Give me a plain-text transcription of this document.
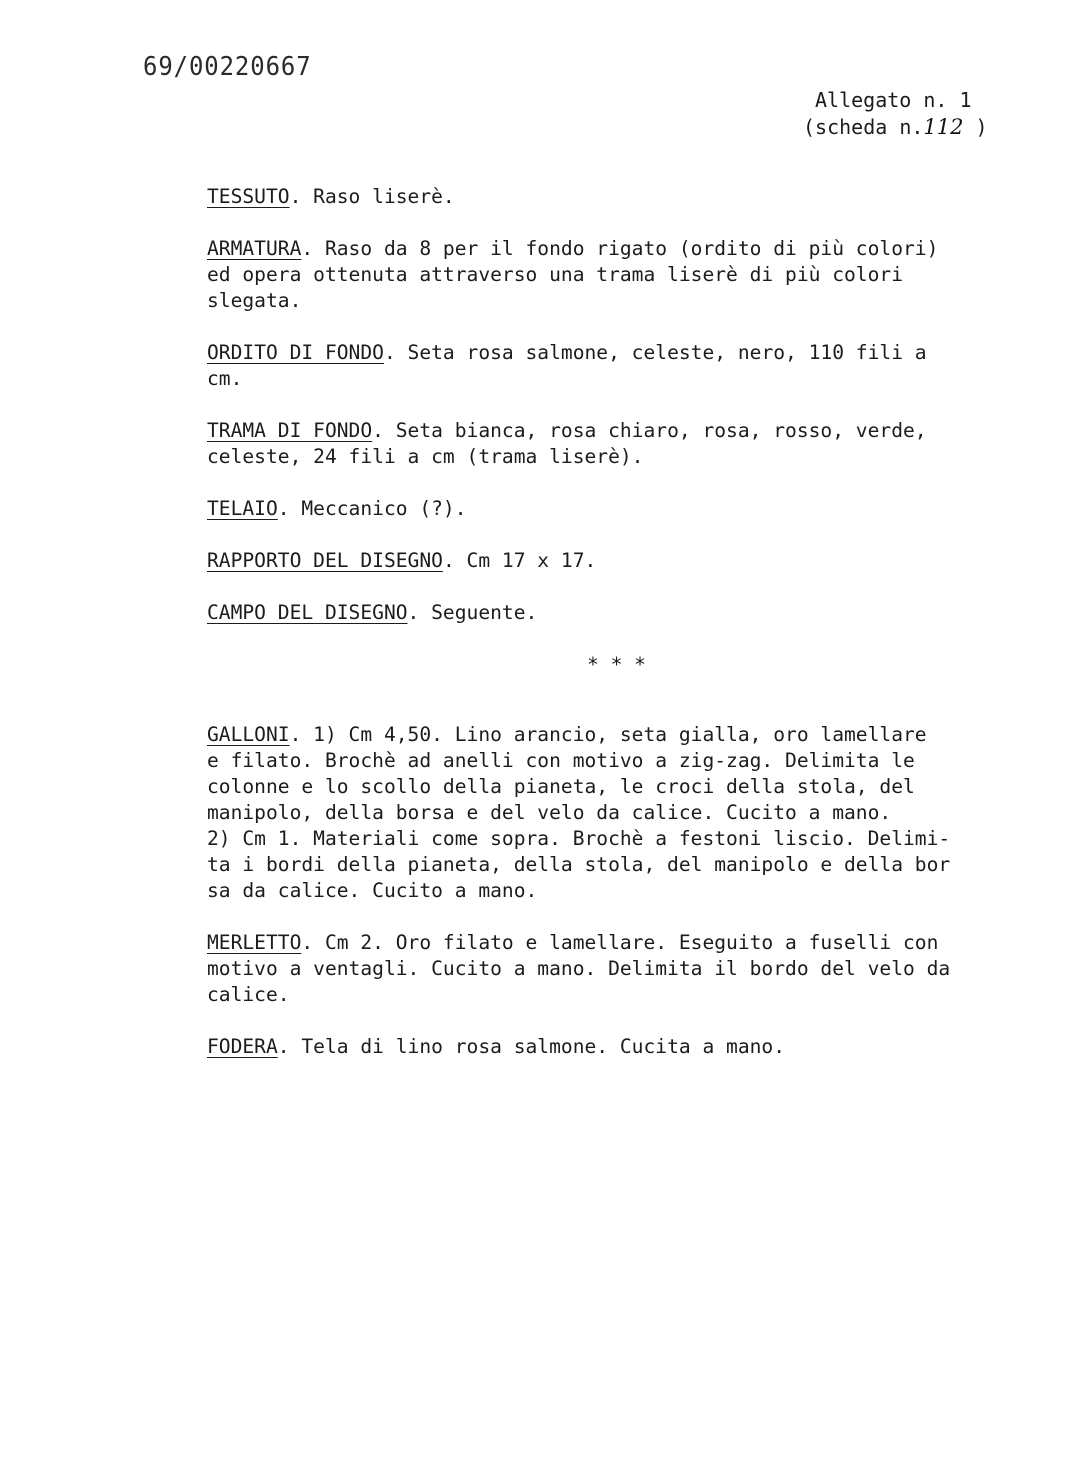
69/00220667
Allegato n. 1
(scheda n.112 )
TESSUTO. Raso liserè.
ARMATURA. Raso da 8 per il fondo rigato (ordito di più colori)
ed opera ottenuta attraverso una trama liserè di più colori
slegata.
ORDITO DI FONDO. Seta rosa salmone, celeste, nero, 110 fili a
cm.
TRAMA DI FONDO. Seta bianca, rosa chiaro, rosa, rosso, verde,
celeste, 24 fili a cm (trama liserè).
TELAIO. Meccanico (?).
RAPPORTO DEL DISEGNO. Cm 17 x 17.
CAMPO DEL DISEGNO. Seguente.
* * *
GALLONI. 1) Cm 4,50. Lino arancio, seta gialla, oro lamellare
e filato. Brochè ad anelli con motivo a zig-zag. Delimita le
colonne e lo scollo della pianeta, le croci della stola, del
manipolo, della borsa e del velo da calice. Cucito a mano.
2) Cm 1. Materiali come sopra. Brochè a festoni liscio. Delimi-
ta i bordi della pianeta, della stola, del manipolo e della bor
sa da calice. Cucito a mano.
MERLETTO. Cm 2. Oro filato e lamellare. Eseguito a fuselli con
motivo a ventagli. Cucito a mano. Delimita il bordo del velo da
calice.
FODERA. Tela di lino rosa salmone. Cucita a mano.
